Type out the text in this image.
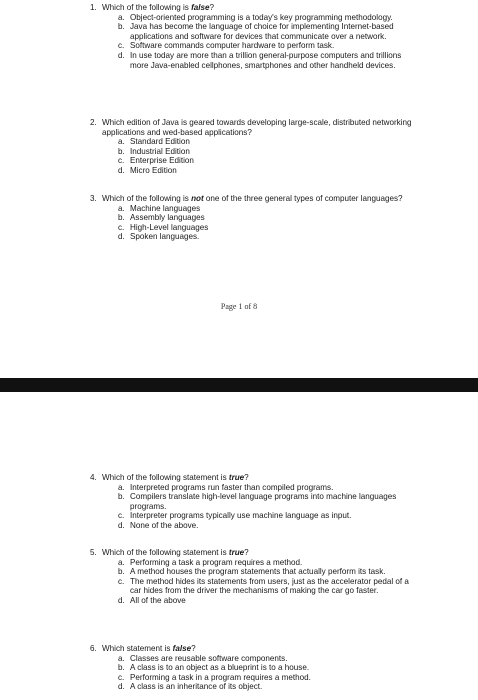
1. Which of the following is false?
a. Object-oriented programming is a today's key programming methodology.
b. Java has become the language of choice for implementing Internet-based applications and software for devices that communicate over a network.
c. Software commands computer hardware to perform task.
d. In use today are more than a trillion general-purpose computers and trillions more Java-enabled cellphones, smartphones and other handheld devices.
2. Which edition of Java is geared towards developing large-scale, distributed networking applications and wed-based applications?
a. Standard Edition
b. Industrial Edition
c. Enterprise Edition
d. Micro Edition
3. Which of the following is not one of the three general types of computer languages?
a. Machine languages
b. Assembly languages
c. High-Level languages
d. Spoken languages.
Page 1 of 8
4. Which of the following statement is true?
a. Interpreted programs run faster than compiled programs.
b. Compilers translate high-level language programs into machine languages programs.
c. Interpreter programs typically use machine language as input.
d. None of the above.
5. Which of the following statement is true?
a. Performing a task a program requires a method.
b. A method houses the program statements that actually perform its task.
c. The method hides its statements from users, just as the accelerator pedal of a car hides from the driver the mechanisms of making the car go faster.
d. All of the above
6. Which statement is false?
a. Classes are reusable software components.
b. A class is to an object as a blueprint is to a house.
c. Performing a task in a program requires a method.
d. A class is an inheritance of its object.
